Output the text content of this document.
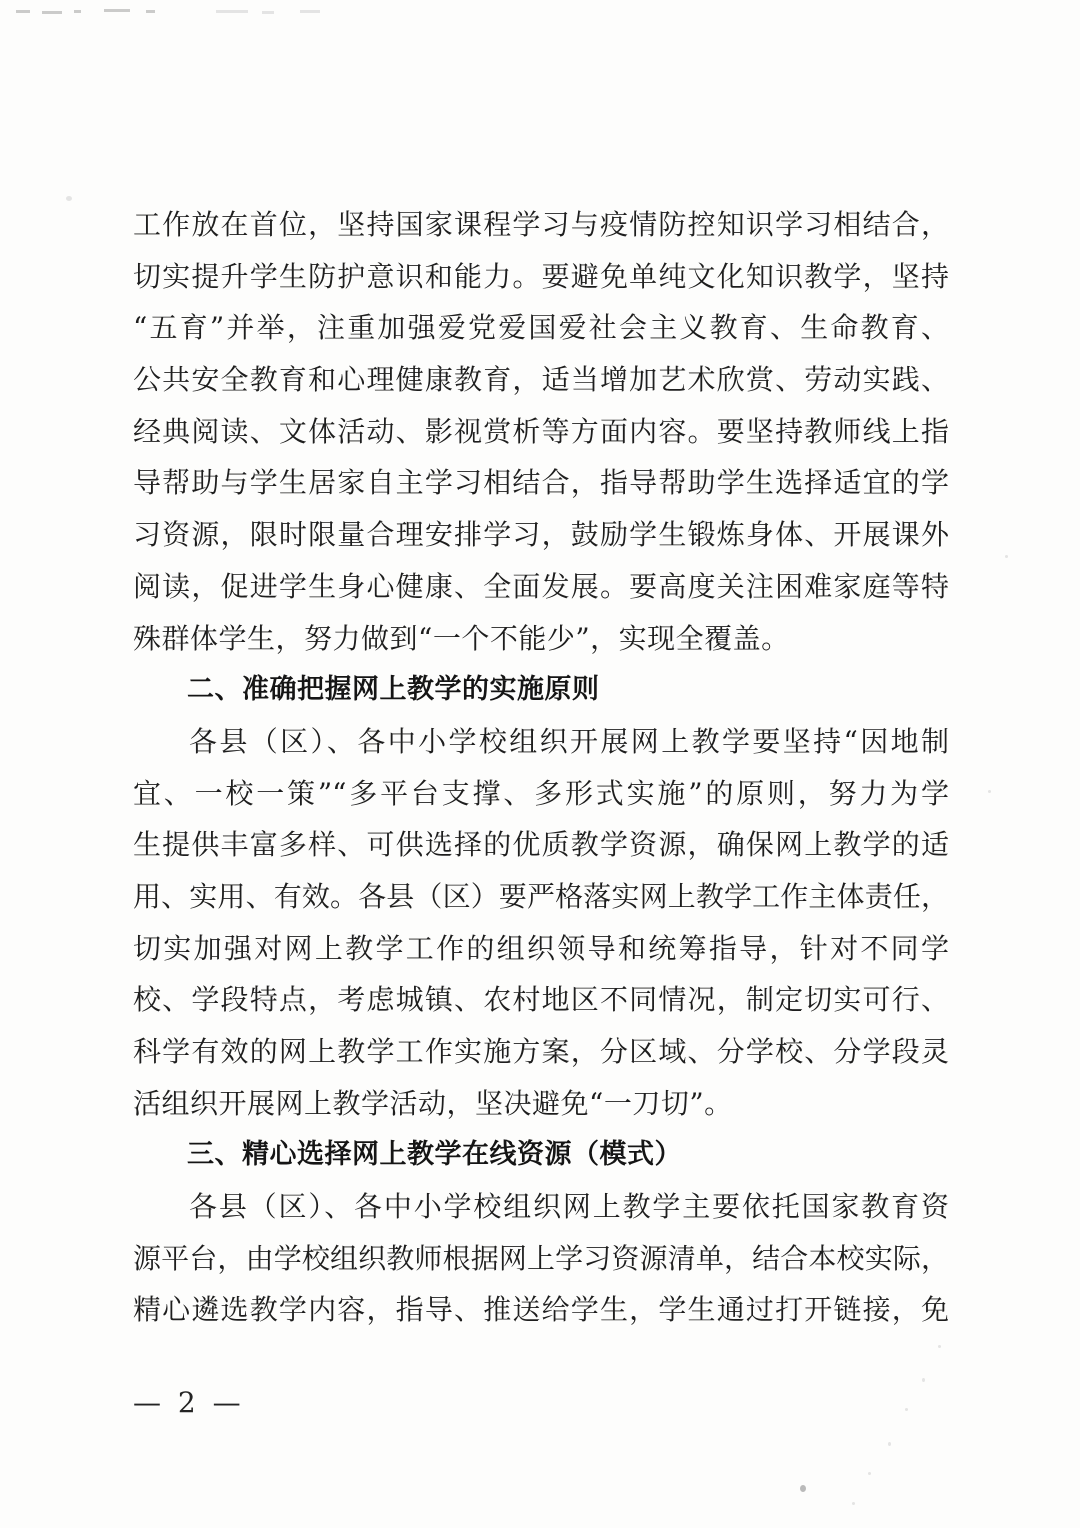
工作放在首位，坚持国家课程学习与疫情防控知识学习相结合，
切实提升学生防护意识和能力。要避免单纯文化知识教学，坚持
“五育”并举，注重加强爱党爱国爱社会主义教育、生命教育、
公共安全教育和心理健康教育，适当增加艺术欣赏、劳动实践、
经典阅读、文体活动、影视赏析等方面内容。要坚持教师线上指
导帮助与学生居家自主学习相结合，指导帮助学生选择适宜的学
习资源，限时限量合理安排学习，鼓励学生锻炼身体、开展课外
阅读，促进学生身心健康、全面发展。要高度关注困难家庭等特
殊群体学生，努力做到“一个不能少”，实现全覆盖。
二、准确把握网上教学的实施原则
各县（区）、各中小学校组织开展网上教学要坚持“因地制
宜、一校一策”“多平台支撑、多形式实施”的原则，努力为学
生提供丰富多样、可供选择的优质教学资源，确保网上教学的适
用、实用、有效。各县（区）要严格落实网上教学工作主体责任，
切实加强对网上教学工作的组织领导和统筹指导，针对不同学
校、学段特点，考虑城镇、农村地区不同情况，制定切实可行、
科学有效的网上教学工作实施方案，分区域、分学校、分学段灵
活组织开展网上教学活动，坚决避免“一刀切”。
三、精心选择网上教学在线资源（模式）
各县（区）、各中小学校组织网上教学主要依托国家教育资
源平台，由学校组织教师根据网上学习资源清单，结合本校实际，
精心遴选教学内容，指导、推送给学生，学生通过打开链接，免
— 2 —
